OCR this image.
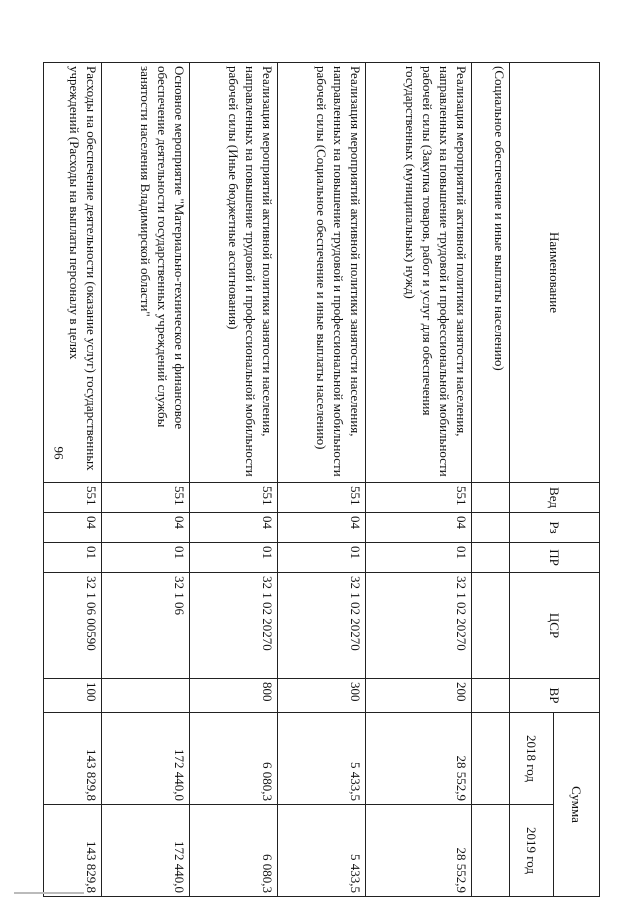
96
Наименование	Вед	Рз	ПР	ЦСР	ВР	Сумма	
						2018 год	2019 год
(Социальное обеспечение и иные выплаты населению)							
Реализация мероприятий активной политики занятости населения, направленных на повышение трудовой и профессиональной мобильности рабочей силы (Закупка товаров, работ и услуг для обеспечения государственных (муниципальных) нужд)	551	04	01	32 1 02 20270	200	28 552,9	28 552,9
Реализация мероприятий активной политики занятости населения, направленных на повышение трудовой и профессиональной мобильности рабочей силы (Социальное обеспечение и иные выплаты населению)	551	04	01	32 1 02 20270	300	5 433,5	5 433,5
Реализация мероприятий активной политики занятости населения, направленных на повышение трудовой и профессиональной мобильности рабочей силы (Иные бюджетные ассигнования)	551	04	01	32 1 02 20270	800	6 080,3	6 080,3
Основное мероприятие "Материально-техническое и финансовое обеспечение деятельности государственных учреждений службы занятости населения Владимирской области"	551	04	01	32 1 06		172 440,0	172 440,0
Расходы на обеспечение деятельности (оказание услуг) государственных учреждений (Расходы на выплаты персоналу в целях	551	04	01	32 1 06 00590	100	143 829,8	143 829,8
